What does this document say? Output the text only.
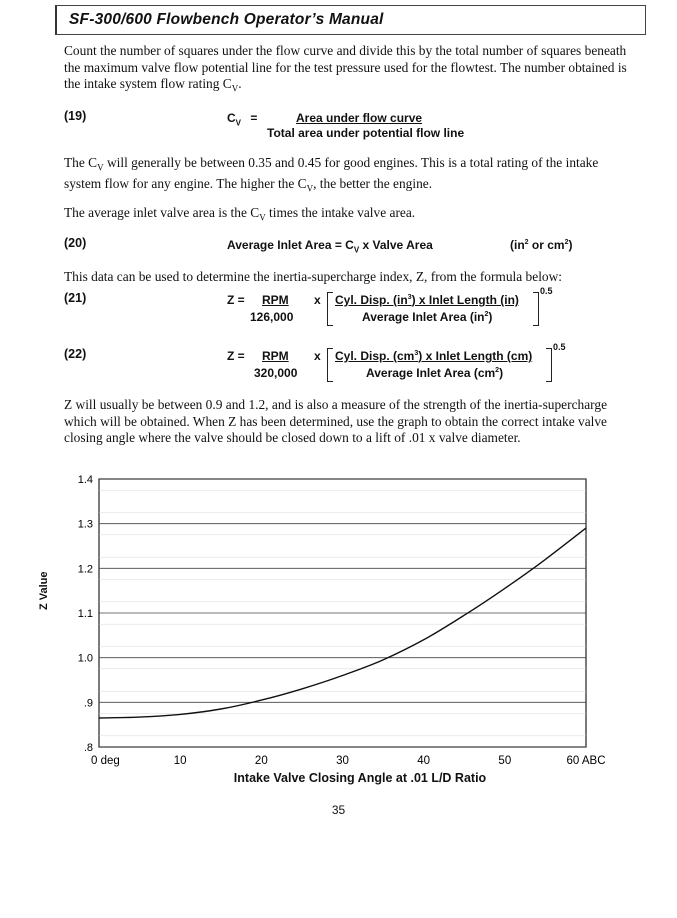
SF-300/600 Flowbench Operator’s Manual
Count the number of squares under the flow curve and divide this by the total number of squares beneath the maximum valve flow potential line for the test pressure used for the flowtest. The number obtained is the intake system flow rating $C_V$.
(19)	$C_V$ =	Area under flow curve
Total area under potential flow line
The $C_V$ will generally be between 0.35 and 0.45 for good engines. This is a total rating of the intake system flow for any engine. The higher the $C_V$, the better the engine.
The average inlet valve area is the $C_V$ times the intake valve area.
(20)	Average Inlet Area = $C_V$ x Valve Area	($in^2$ or $cm^2$)
This data can be used to determine the inertia-supercharge index, Z, from the formula below:
(21)	Z = RPM
126,000
x Cyl. Disp. $(in^3)$ x Inlet Length (in)
Average Inlet Area $(in^2)$
0.5
(22)	Z = RPM
320,000
x Cyl. Disp. $(cm^3)$ x Inlet Length (cm)
Average Inlet Area $(cm^2)$
0.5
Z will usually be between 0.9 and 1.2, and is also a measure of the strength of the inertia-supercharge which will be obtained. When Z has been determined, use the graph to obtain the correct intake valve closing angle where the valve should be closed down to a lift of .01 x valve diameter.
1.4
1.3
1.2
1.1
1.0
.9
.8
0 deg	10	20	30	40	50	60 ABC
Intake Valve Closing Angle at .01 L/D Ratio
Z Value
35
